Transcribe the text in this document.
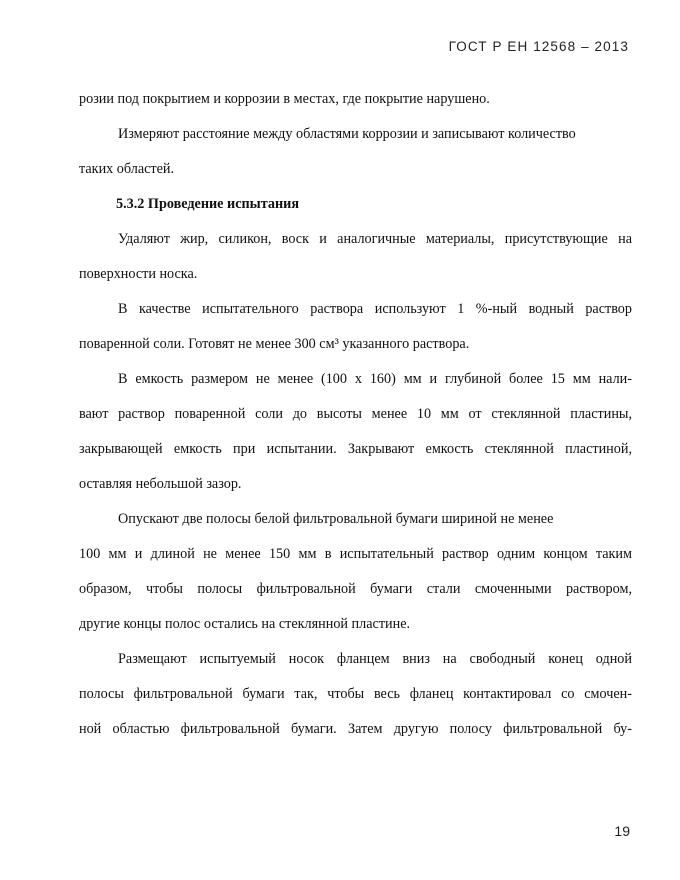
ГОСТ Р ЕН 12568 – 2013

розии под покрытием и коррозии в местах, где покрытие нарушено.

Измеряют расстояние между областями коррозии и записывают количество
таких областей.

5.3.2 Проведение испытания

Удаляют жир, силикон, воск и аналогичные материалы, присутствующие на
поверхности носка.

В качестве испытательного раствора используют 1 %-ный водный раствор
поваренной соли. Готовят не менее 300 см³ указанного раствора.

В емкость размером не менее (100 х 160) мм и глубиной более 15 мм нали-
вают раствор поваренной соли до высоты менее 10 мм от стеклянной пластины,
закрывающей емкость при испытании. Закрывают емкость стеклянной пластиной,
оставляя небольшой зазор.

Опускают две полосы белой фильтровальной бумаги шириной не менее
100 мм и длиной не менее 150 мм в испытательный раствор одним концом таким
образом, чтобы полосы фильтровальной бумаги стали смоченными раствором,
другие концы полос остались на стеклянной пластине.

Размещают испытуемый носок фланцем вниз на свободный конец одной
полосы фильтровальной бумаги так, чтобы весь фланец контактировал со смочен-
ной областью фильтровальной бумаги. Затем другую полосу фильтровальной бу-

19
